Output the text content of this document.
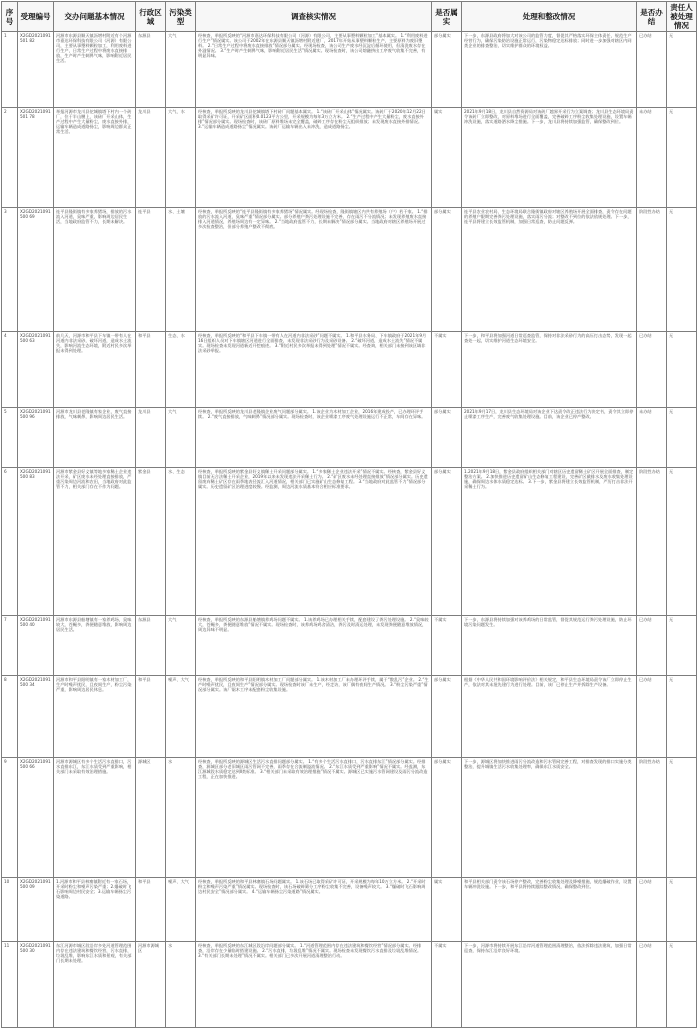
序号	受理编号	交办问题基本情况	行政区域	污染类型	调查核实情况	是否属实	处理和整改情况	是否办结	责任人被处理情况
1	X2GD2021091501 82	河源市东源县顺天镇沥增村附近有个河源市嘉达环保科技有限公司（河源）有限公司，主要从事塑料颗粒加工，利用废料进行生产，日常生产过程中将废水直接排放，生产时产生刺鼻气味，影响附近居民生活。	东源县	大气	经核查，举报所反映的“河源市嘉达环保科技有限公司（河源）有限公司，主要从事塑料颗粒加工”基本属实。 1.“利用废料进行生产”情况属实。该公司于2002年在东源县顺天镇沥增村附近建厂，2017年开始从事塑料颗粒生产，主要原料为废旧塑料。 2.“日常生产过程中将废水直接排放”情况部分属实。经现场检查，该公司生产废水经沉淀后循环使用，但清洗废水存在外溢情况。 3.“生产时产生刺鼻气味，影响附近居民生活”情况属实。现场检查时，该公司熔融挤出工序废气收集不完善，有明显异味。	部分属实	下一步，东源县政府将加大对该公司的监管力度，督促其严格落实环保主体责任，规范生产经营行为，确保污染防治设施正常运行，污染物稳定达标排放；同时进一步加强对辖区内同类企业的排查整治，切实维护群众的环境权益。	已办结	无
2	X2GD2021091501 78	举报河源市龙川县佗城镇塔下村内一个砖厂，位于半山腰上，该砖厂开采山体，生产过程中产生大量粉尘，废水直接外排，运输车辆造成道路扬尘，影响周边群众正常生活。	龙川县	大气、水	经核查，举报所反映的龙川县佗城镇塔下村砖厂问题基本属实。 1.“该砖厂开采山体”情况属实。该砖厂于2020年12月22日取得采矿许可证，开采矿区面积0.0123平方公里，开采规模为每年3万立方米。 2.“生产过程中产生大量粉尘，废水直接外排”情况部分属实。现场检查时，该砖厂原料堆场未完全覆盖，破碎工序存在粉尘无组织排放；未发现废水直接外排情况。 3.“运输车辆造成道路扬尘”情况属实。该砖厂运输车辆出入未冲洗，造成道路扬尘。	属实	2021年9月18日，龙川县自然资源局对该砖厂越界开采行为立案调查；龙川县生态环境局责令该砖厂立即整改，对原料堆场进行全面覆盖，完善破碎工序粉尘收集处理设施，设置车辆冲洗设施，落实道路洒水降尘措施。下一步，龙川县将持续加强监管，确保整改到位。	未办结	无
3	X2GD2021091500 69	连平县隆街镇有多家养猪场，排放的污水流入河道，臭味严重，影响周边居民生活，当地政府监管不力，长期未解决。	连平县	水、土壤	经核查，举报所反映的“连平县隆街镇有多家养猪场”情况属实。经现场检查，隆街镇辖区内共有养殖场（户）若干家。 1.“排放的污水流入河道，臭味严重”情况部分属实。部分养殖户粪污处理设施不完善，存在雨污不分流情况；未发现养殖废水直接排入河道情况，养殖场周边有一定异味。 2.“当地政府监管不力，长期未解决”情况部分属实。当地政府对辖区养殖场开展过多次检查整治，但部分养殖户整改不彻底。	部分属实	连平县农业农村局、生态环境局联合隆街镇政府对辖区养殖场开展全面排查，责令存在问题的养殖户限期完善粪污处理设施，落实雨污分流；对整改不到位的依法依规处理。下一步，连平县将建立长效监管机制，加强日常巡查，防止问题反弹。	阶段性办结	无
4	X2GD2021091500 63	前几天，河源市和平县下车镇一带有人在河道内非法采砂，破坏河道，造成水土流失，影响河流生态环境，附近村民多次举报未得到处理。	和平县	生态、水	经核查，举报所反映的“和平县下车镇一带有人在河道内非法采砂”问题不属实。 1.和平县水务局、下车镇政府于2021年9月16日组织人员对下车镇辖区河道进行全面排查，未发现非法采砂行为及采砂设备。 2.“破坏河道，造成水土流失”情况不属实。现场检查未发现河道新近开挖痕迹。 3.“附近村民多次举报未得到处理”情况不属实。经查询，相关部门未接到该区域非法采砂举报。	不属实	下一步，和平县将加强河道日常巡查监管，保持对非法采砂行为的高压打击态势，发现一起查处一起，切实维护河道生态环境安全。	已办结	无
5	X2GD2021091500 96	河源市龙川县老隆镇有家企业，废气直接排放，气味刺鼻，影响周边居民生活。	龙川县	大气	经核查，举报所反映的龙川县老隆镇企业废气问题部分属实。 1.该企业为木材加工企业，2016年建成投产，已办理环评手续。 2.“废气直接排放，气味刺鼻”情况部分属实。现场检查时，该企业喷漆工序废气处理设施运行不正常，车间存在异味。	部分属实	2021年9月17日，龙川县生态环境局对该企业下达责令改正违法行为决定书，责令其立即停止喷漆工序生产，完善废气收集处理设施。目前，该企业已停产整改。	未办结	无
6	X2GD2021091500 83	河源市紫金县好义镇等地多家稀土企业违法开采，矿区废水未经处理直接排放，严重污染周边河流和农田，当地政府对此监管不力，相关部门存在不作为问题。	紫金县	水、生态	经核查，举报所反映的紫金县好义镇稀土开采问题部分属实。 1.“多家稀土企业违法开采”情况不属实。经核查，紫金县好义镇目前无合法稀土开采企业，2019年以来未发现违法开采稀土行为。 2.“矿区废水未经处理直接排放”情况部分属实。历史遗留废弃稀土矿区存在雨季地表径流汇入河道情况，相关部门已实施矿山生态修复工程。 3.“当地政府对此监管不力”情况部分属实。历史遗留矿区治理进度较慢。经监测，周边河流水质基本符合相应标准要求。	部分属实	1.2021年9月18日，紫金县政府组织相关部门对辖区历史遗留稀土矿区开展全面排查，制定整治方案。 2.加快推进历史遗留矿山生态修复工程建设，完善矿区截排水及废水收集处理设施，确保周边水体水质稳定达标。 3.下一步，紫金县将建立长效监管机制，严厉打击非法开采稀土行为。	阶段性办结	无
7	X2GD2021091500 40	河源市东源县船塘镇有一家养鸡场，臭味较大，苍蝇多，粪便随意堆放，影响周边居民生活。	东源县	大气	经核查，举报所反映的东源县船塘镇养鸡场问题不属实。 1.该养鸡场已办理相关手续，配套建设了粪污处理设施。 2.“臭味较大，苍蝇多，粪便随意堆放”情况不属实。现场检查时，该养鸡场鸡舍清洁，粪污及时清运处理，未发现粪便随意堆放情况，周边异味不明显。	不属实	下一步，东源县将持续加强对该养鸡场的日常监管，督促其规范运行粪污处理设施，防止环境污染问题发生。	已办结	无
8	X2GD2021091500 34	河源市和平县阳明镇有一家木材加工厂，生产时噪声扰民，且夜间生产，粉尘污染严重，影响周边居民休息。	和平县	噪声、大气	经核查，举报所反映的和平县阳明镇木材加工厂问题部分属实。 1.该木材加工厂未办理环评手续，属于“散乱污”企业。 2.“生产时噪声扰民，且夜间生产”情况部分属实。现场检查时该厂未生产，经走访，该厂偶有夜间生产情况。 3.“粉尘污染严重”情况部分属实。该厂锯木工序未配套粉尘收集设施。	部分属实	根据《中华人民共和国环境影响评价法》相关规定，和平县生态环境局责令该厂立即停止生产，依法对其未批先建行为进行处理。目前，该厂已停止生产并拆除生产设备。	已办结	无
9	X2GD2021091500 66	河源市源城区有多个生活污水直排口，污水直排东江，东江水质受到严重影响，相关部门未采取有效治理措施。	源城区	水	经核查，举报所反映的源城区生活污水直排问题部分属实。 1.“有多个生活污水直排口，污水直排东江”情况部分属实。经排查，源城区部分老旧城区雨污管网不完善，雨季存在合流制溢流情况。 2.“东江水质受到严重影响”情况不属实。经监测，东江源城段水质稳定达到Ⅱ类标准。 3.“相关部门未采取有效治理措施”情况不属实。源城区已实施污水管网建设及雨污分流改造工程，正在加快推进。	部分属实	下一步，源城区将加快推进雨污分流改造和污水管网完善工程，对排查发现的排口实施分类整治，提升城镇生活污水收集处理率，确保东江水质安全。	阶段性办结	无
10	X2GD2021091500 09	1.河源市和平县林寨镇附近有一家石场，开采时粉尘和噪声污染严重；2.爆破时飞石影响周边村民安全；3.运输车辆扬尘污染道路。	和平县	噪声、大气	经核查，举报所反映的和平县林寨镇石场问题属实。 1.该石场已取得采矿许可证，开采规模为每年10万立方米。 2.“开采时粉尘和噪声污染严重”情况属实。现场检查时，该石场破碎筛分工序粉尘收集不完善，设备噪声较大。 3.“爆破时飞石影响周边村民安全”情况部分属实。 4.“运输车辆扬尘污染道路”情况属实。	属实	和平县相关部门责令该石场停产整改，完善粉尘收集处理及降噪措施，规范爆破作业，设置车辆冲洗设施。下一步，和平县将持续跟踪整改情况，确保整改到位。	已办结	无
11	X2GD2021091500 30	东江河源市城区段沿岸多处河道管理范围内存在违法建筑和餐饮经营，污水直排，垃圾乱堆，影响东江水质和景观，有关部门长期未处理。	河源市源城区	水	经核查，举报所反映的东江城区段沿岸问题部分属实。 1.“河道管理范围内存在违法建筑和餐饮经营”情况部分属实。经排查，沿岸存在少量临时搭建设施。 2.“污水直排，垃圾乱堆”情况不属实。现场检查未发现餐饮污水直排及垃圾乱堆情况。 3.“有关部门长期未处理”情况不属实。相关部门已多次开展河道清理整治行动。	不属实	下一步，河源市将持续开展东江沿岸河道管理范围清理整治，依法拆除违法建筑，加强日常巡查，保持东江沿岸良好环境。	已办结	无
